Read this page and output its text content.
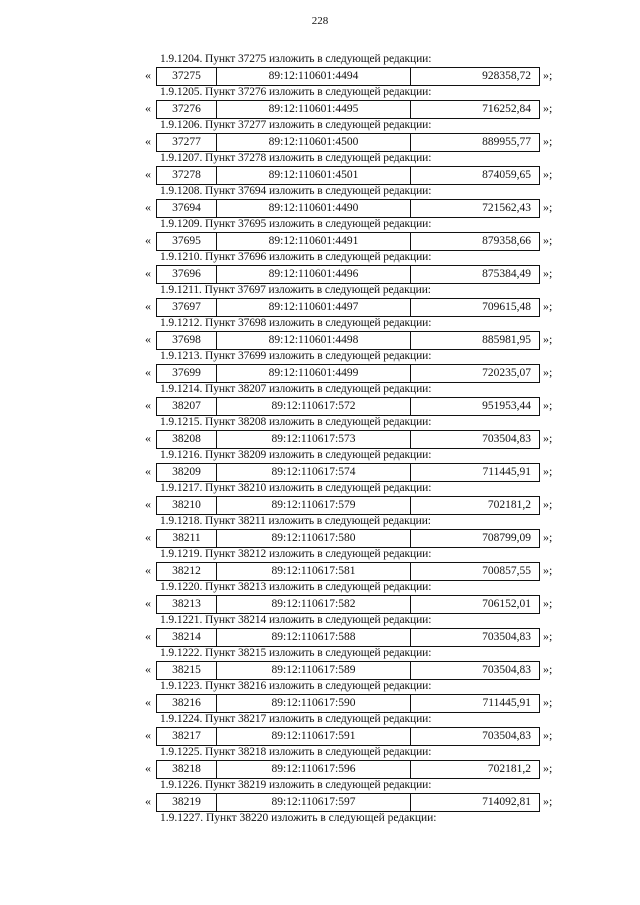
228
1.9.1204. Пункт 37275 изложить в следующей редакции:
«	37275	89:12:110601:4494	928358,72	»;
1.9.1205. Пункт 37276 изложить в следующей редакции:
«	37276	89:12:110601:4495	716252,84	»;
1.9.1206. Пункт 37277 изложить в следующей редакции:
«	37277	89:12:110601:4500	889955,77	»;
1.9.1207. Пункт 37278 изложить в следующей редакции:
«	37278	89:12:110601:4501	874059,65	»;
1.9.1208. Пункт 37694 изложить в следующей редакции:
«	37694	89:12:110601:4490	721562,43	»;
1.9.1209. Пункт 37695 изложить в следующей редакции:
«	37695	89:12:110601:4491	879358,66	»;
1.9.1210. Пункт 37696 изложить в следующей редакции:
«	37696	89:12:110601:4496	875384,49	»;
1.9.1211. Пункт 37697 изложить в следующей редакции:
«	37697	89:12:110601:4497	709615,48	»;
1.9.1212. Пункт 37698 изложить в следующей редакции:
«	37698	89:12:110601:4498	885981,95	»;
1.9.1213. Пункт 37699 изложить в следующей редакции:
«	37699	89:12:110601:4499	720235,07	»;
1.9.1214. Пункт 38207 изложить в следующей редакции:
«	38207	89:12:110617:572	951953,44	»;
1.9.1215. Пункт 38208 изложить в следующей редакции:
«	38208	89:12:110617:573	703504,83	»;
1.9.1216. Пункт 38209 изложить в следующей редакции:
«	38209	89:12:110617:574	711445,91	»;
1.9.1217. Пункт 38210 изложить в следующей редакции:
«	38210	89:12:110617:579	702181,2	»;
1.9.1218. Пункт 38211 изложить в следующей редакции:
«	38211	89:12:110617:580	708799,09	»;
1.9.1219. Пункт 38212 изложить в следующей редакции:
«	38212	89:12:110617:581	700857,55	»;
1.9.1220. Пункт 38213 изложить в следующей редакции:
«	38213	89:12:110617:582	706152,01	»;
1.9.1221. Пункт 38214 изложить в следующей редакции:
«	38214	89:12:110617:588	703504,83	»;
1.9.1222. Пункт 38215 изложить в следующей редакции:
«	38215	89:12:110617:589	703504,83	»;
1.9.1223. Пункт 38216 изложить в следующей редакции:
«	38216	89:12:110617:590	711445,91	»;
1.9.1224. Пункт 38217 изложить в следующей редакции:
«	38217	89:12:110617:591	703504,83	»;
1.9.1225. Пункт 38218 изложить в следующей редакции:
«	38218	89:12:110617:596	702181,2	»;
1.9.1226. Пункт 38219 изложить в следующей редакции:
«	38219	89:12:110617:597	714092,81	»;
1.9.1227. Пункт 38220 изложить в следующей редакции:
